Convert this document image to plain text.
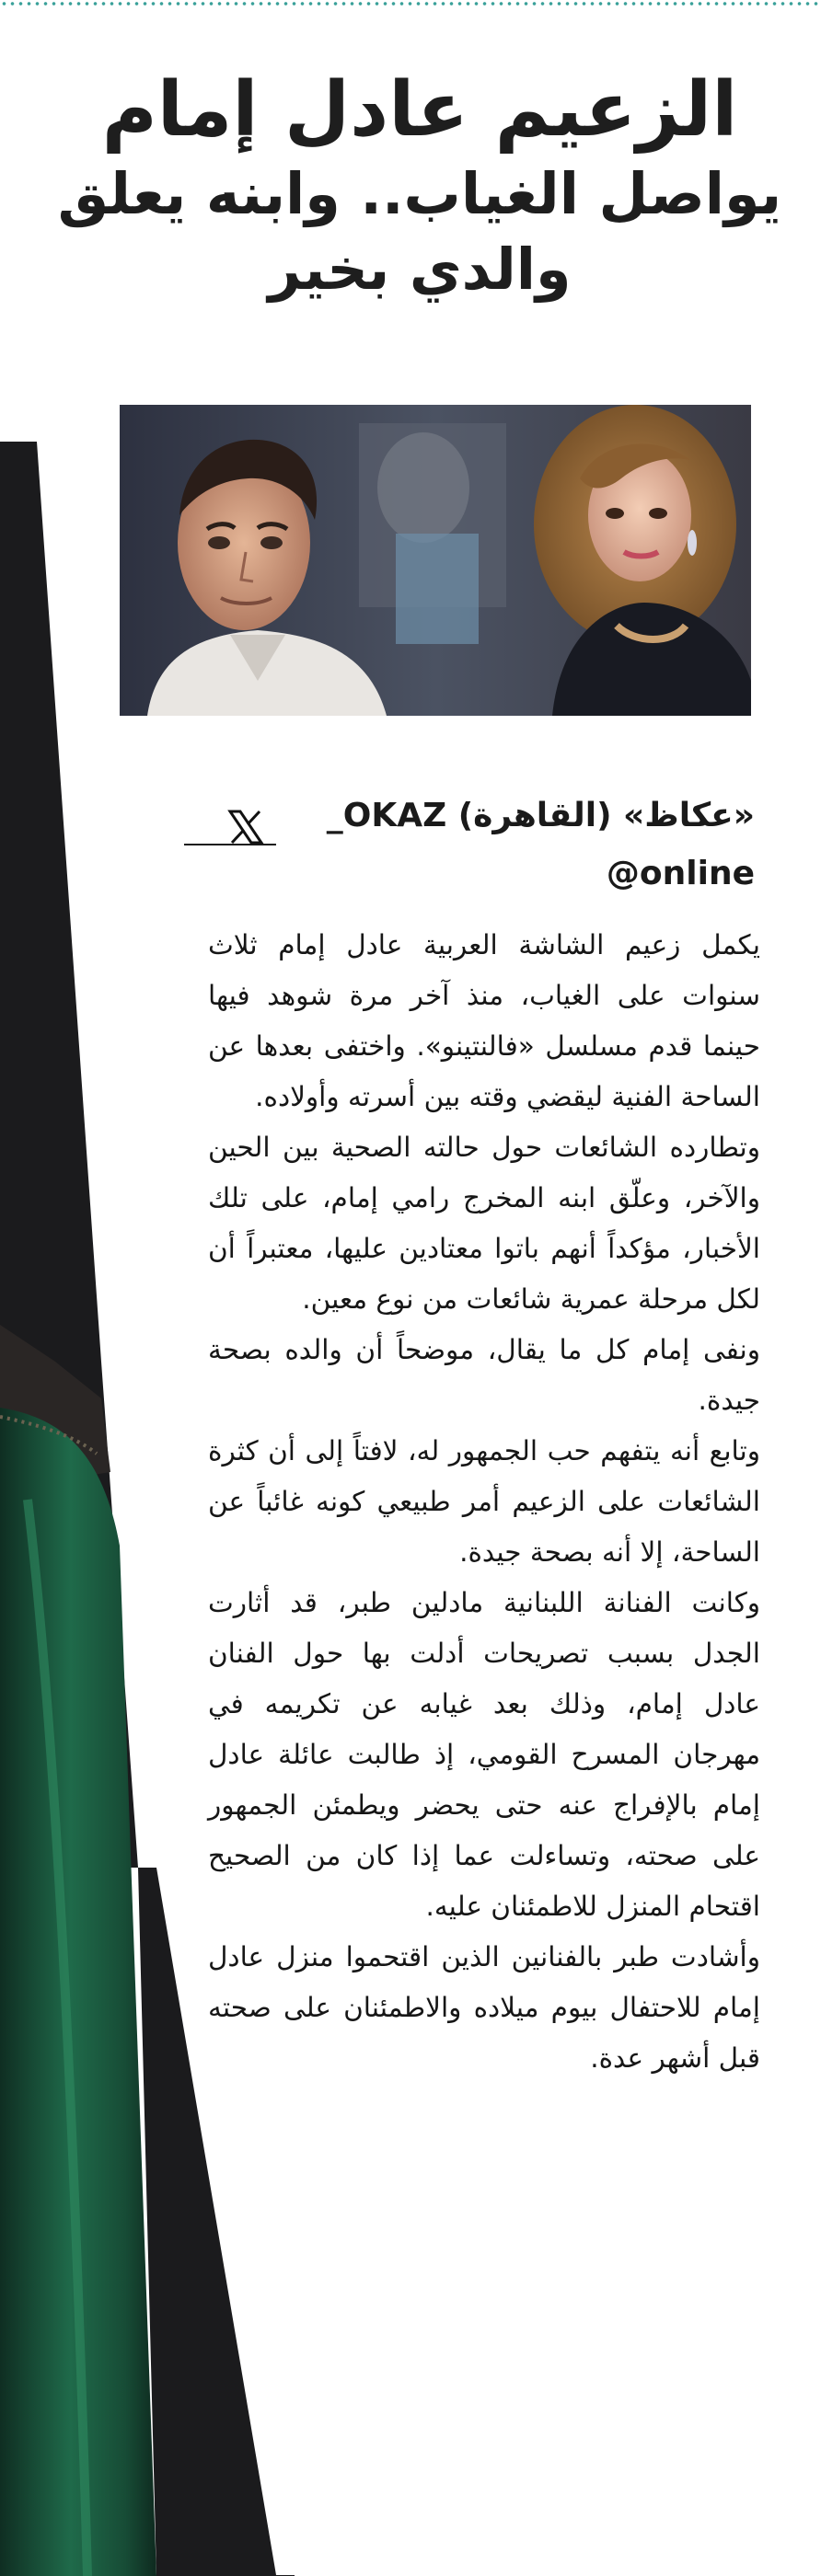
الزعيم عادل إمام
يواصل الغياب.. وابنه يعلق
والدي بخير
«عكاظ» (القاهرة) OKAZ_
@online

يكمل زعيم الشاشة العربية عادل إمام ثلاث سنوات على الغياب، منذ آخر مرة شوهد فيها حينما قدم مسلسل «فالنتينو». واختفى بعدها عن الساحة الفنية ليقضي وقته بين أسرته وأولاده.

وتطارده الشائعات حول حالته الصحية بين الحين والآخر، وعلّق ابنه المخرج رامي إمام، على تلك الأخبار، مؤكداً أنهم باتوا معتادين عليها، معتبراً أن لكل مرحلة عمرية شائعات من نوع معين.

ونفى إمام كل ما يقال، موضحاً أن والده بصحة جيدة.

وتابع أنه يتفهم حب الجمهور له، لافتاً إلى أن كثرة الشائعات على الزعيم أمر طبيعي كونه غائباً عن الساحة، إلا أنه بصحة جيدة.

وكانت الفنانة اللبنانية مادلين طبر، قد أثارت الجدل بسبب تصريحات أدلت بها حول الفنان عادل إمام، وذلك بعد غيابه عن تكريمه في مهرجان المسرح القومي، إذ طالبت عائلة عادل إمام بالإفراج عنه حتى يحضر ويطمئن الجمهور على صحته، وتساءلت عما إذا كان من الصحيح اقتحام المنزل للاطمئنان عليه.

وأشادت طبر بالفنانين الذين اقتحموا منزل عادل إمام للاحتفال بيوم ميلاده والاطمئنان على صحته قبل أشهر عدة.
